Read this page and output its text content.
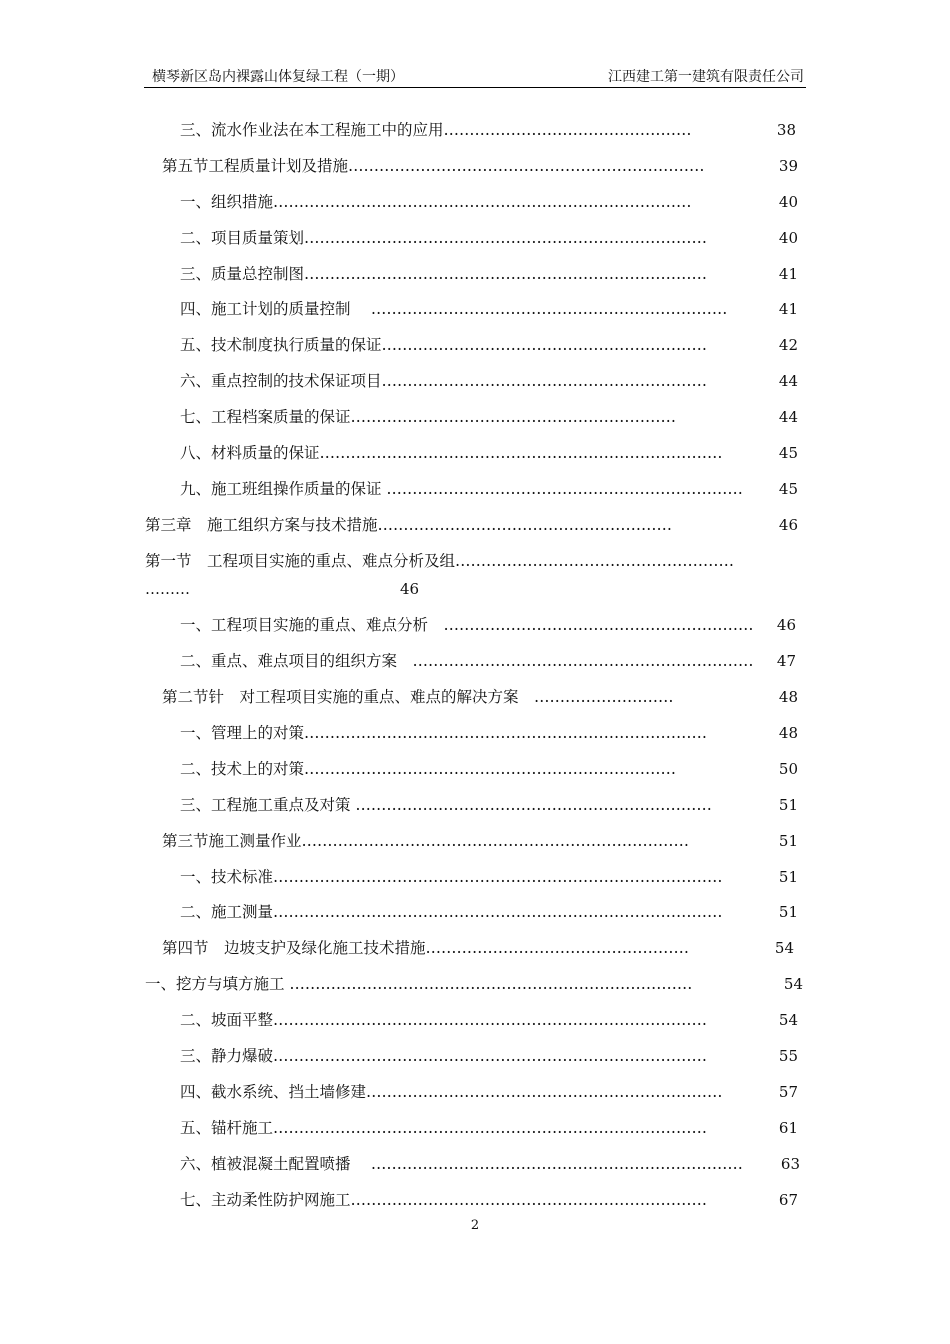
横琴新区岛内裸露山体复绿工程（一期）	江西建工第一建筑有限责任公司
三、流水作业法在本工程施工中的应用…………………………………………	38
第五节工程质量计划及措施……………………………………………………………	39
一、组织措施………………………………………………………………………	40
二、项目质量策划……………………………………………………………………	40
三、质量总控制图……………………………………………………………………	41
四、施工计划的质量控制　 ……………………………………………………………	41
五、技术制度执行质量的保证………………………………………………………	42
六、重点控制的技术保证项目………………………………………………………	44
七、工程档案质量的保证………………………………………………………	44
八、材料质量的保证……………………………………………………………………	45
九、施工班组操作质量的保证 …………………………………………………………… 45
第三章　施工组织方案与技术措施…………………………………………………	46
第一节　工程项目实施的重点、难点分析及组………………………………………………
………	46
一、工程项目实施的重点、难点分析　…………………………………………………… 46
二、重点、难点项目的组织方案　………………………………………………………… 47
第二节针　对工程项目实施的重点、难点的解决方案　………………………	48
一、管理上的对策……………………………………………………………………	48
二、技术上的对策………………………………………………………………	50
三、工程施工重点及对策 ……………………………………………………………	51
第三节施工测量作业…………………………………………………………………	51
一、技术标准……………………………………………………………………………	51
二、施工测量……………………………………………………………………………	51
第四节　边坡支护及绿化施工技术措施……………………………………………	54
一、挖方与填方施工 ……………………………………………………………………	54
二、坡面平整…………………………………………………………………………	54
三、静力爆破…………………………………………………………………………	55
四、截水系统、挡土墙修建……………………………………………………………	57
五、锚杆施工…………………………………………………………………………	61
六、植被混凝土配置喷播　 ………………………………………………………………	63
七、主动柔性防护网施工……………………………………………………………	67
2
